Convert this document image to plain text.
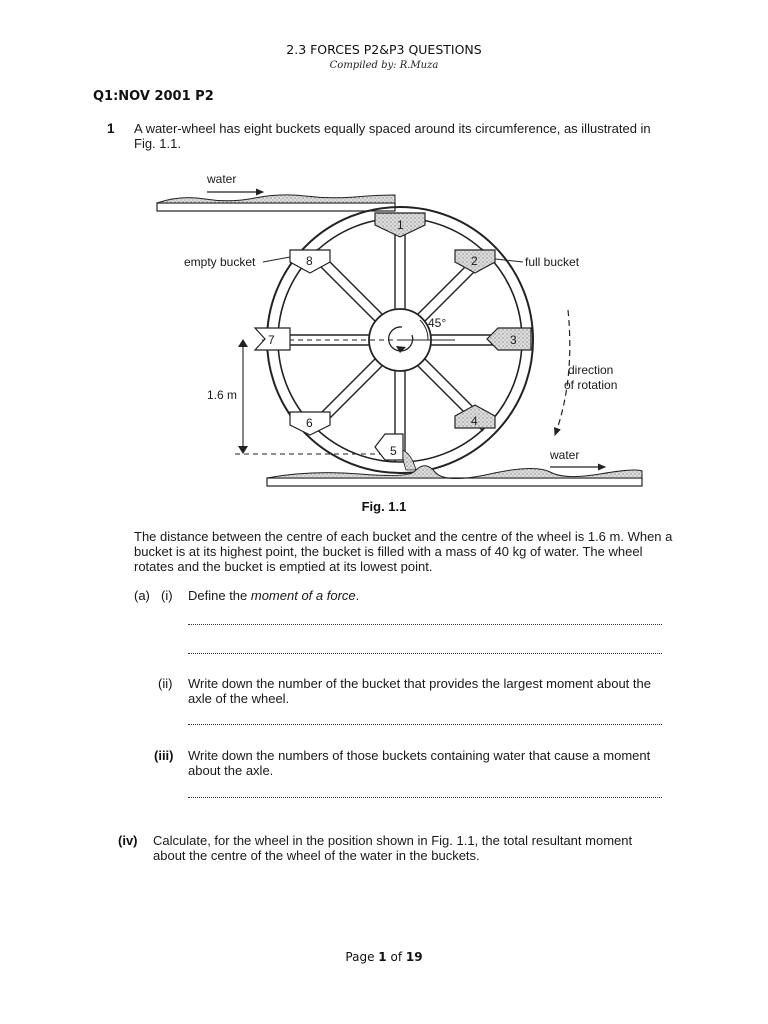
2.3 FORCES P2&P3 QUESTIONS
Compiled by: R.Muza
Q1:NOV 2001 P2
1 A water-wheel has eight buckets equally spaced around its circumference, as illustrated in Fig. 1.1.
water
45°
1
2
3
4
5
6
7
8
empty bucket	full bucket
1.6 m
direction
of rotation
water
Fig. 1.1
The distance between the centre of each bucket and the centre of the wheel is 1.6 m. When a bucket is at its highest point, the bucket is filled with a mass of 40 kg of water. The wheel rotates and the bucket is emptied at its lowest point.
(a) (i) Define the moment of a force.
(ii) Write down the number of the bucket that provides the largest moment about the axle of the wheel.
(iii) Write down the numbers of those buckets containing water that cause a moment about the axle.
(iv) Calculate, for the wheel in the position shown in Fig. 1.1, the total resultant moment about the centre of the wheel of the water in the buckets.
Page 1 of 19
